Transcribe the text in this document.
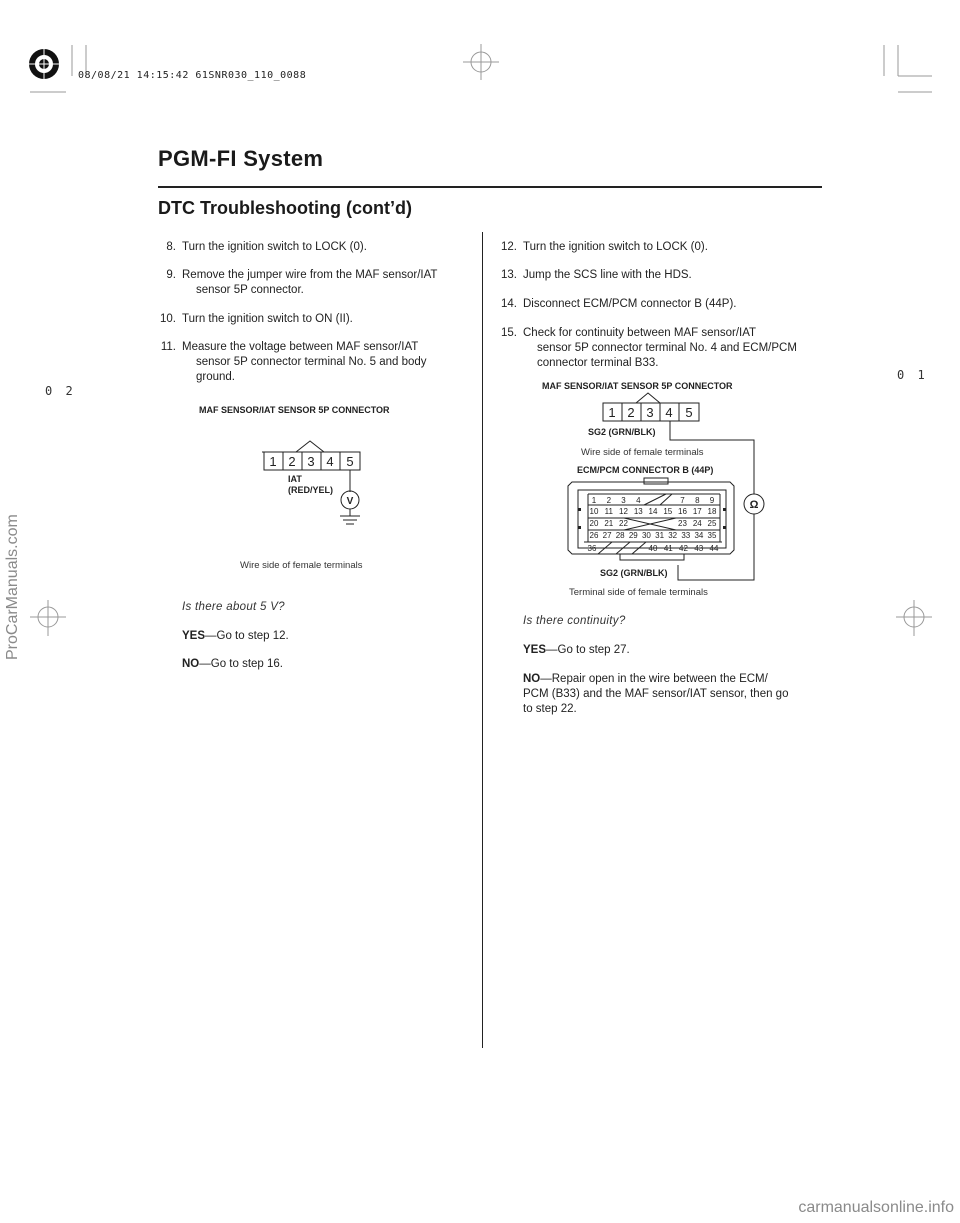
08/08/21 14:15:42 61SNR030_110_0088
PGM-FI System
DTC Troubleshooting (cont’d)
0 2
0 1
8. Turn the ignition switch to LOCK (0).
9. Remove the jumper wire from the MAF sensor/IAT
sensor 5P connector.
10. Turn the ignition switch to ON (II).
11. Measure the voltage between MAF sensor/IAT
sensor 5P connector terminal No. 5 and body
ground.
MAF SENSOR/IAT SENSOR 5P CONNECTOR
1 2 3 4 5
V
IAT
(RED/YEL)
Wire side of female terminals
Is there about 5 V?
YES—Go to step 12.
NO—Go to step 16.
12. Turn the ignition switch to LOCK (0).
13. Jump the SCS line with the HDS.
14. Disconnect ECM/PCM connector B (44P).
15. Check for continuity between MAF sensor/IAT
sensor 5P connector terminal No. 4 and ECM/PCM
connector terminal B33.
MAF SENSOR/IAT SENSOR 5P CONNECTOR
1 2 3 4 5
Ω
1 2 3 4	7 8 9
10 11 12 13 14 15 16 17 18
20 21 22	23 24 25
26 27 28 29 30 31 32 33 34 35
36	40 41 42 43 44
SG2 (GRN/BLK)
Wire side of female terminals
ECM/PCM CONNECTOR B (44P)
SG2 (GRN/BLK)
Terminal side of female terminals
Is there continuity?
YES—Go to step 27.
NO—Repair open in the wire between the ECM/
PCM (B33) and the MAF sensor/IAT sensor, then go
to step 22.
ProCarManuals.com
carmanualsonline.info
